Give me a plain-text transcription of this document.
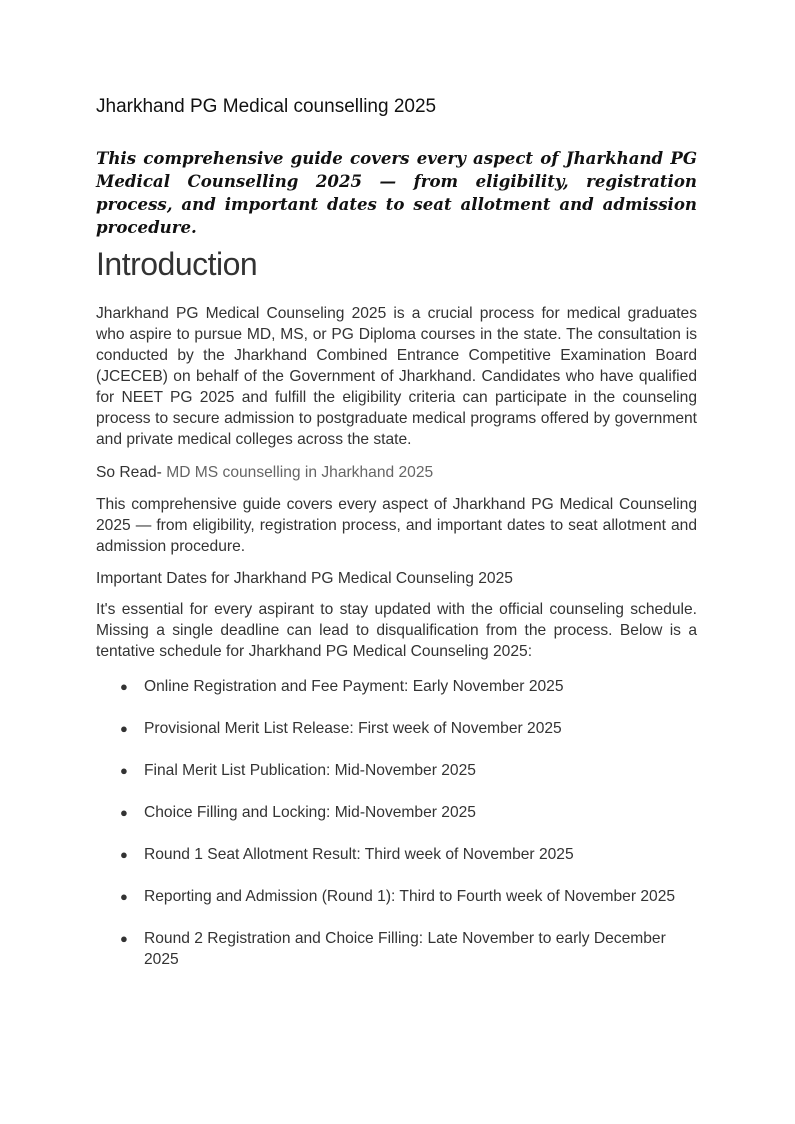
Jharkhand PG Medical counselling 2025
This comprehensive guide covers every aspect of Jharkhand PG Medical Counselling 2025 — from eligibility, registration process, and important dates to seat allotment and admission procedure.
Introduction
Jharkhand PG Medical Counseling 2025 is a crucial process for medical graduates who aspire to pursue MD, MS, or PG Diploma courses in the state. The consultation is conducted by the Jharkhand Combined Entrance Competitive Examination Board (JCECEB) on behalf of the Government of Jharkhand. Candidates who have qualified for NEET PG 2025 and fulfill the eligibility criteria can participate in the counseling process to secure admission to postgraduate medical programs offered by government and private medical colleges across the state.
So Read- MD MS counselling in Jharkhand 2025
This comprehensive guide covers every aspect of Jharkhand PG Medical Counseling 2025 — from eligibility, registration process, and important dates to seat allotment and admission procedure.
Important Dates for Jharkhand PG Medical Counseling 2025
It's essential for every aspirant to stay updated with the official counseling schedule. Missing a single deadline can lead to disqualification from the process. Below is a tentative schedule for Jharkhand PG Medical Counseling 2025:
● Online Registration and Fee Payment: Early November 2025
● Provisional Merit List Release: First week of November 2025
● Final Merit List Publication: Mid-November 2025
● Choice Filling and Locking: Mid-November 2025
● Round 1 Seat Allotment Result: Third week of November 2025
● Reporting and Admission (Round 1): Third to Fourth week of November 2025
● Round 2 Registration and Choice Filling: Late November to early December 2025
